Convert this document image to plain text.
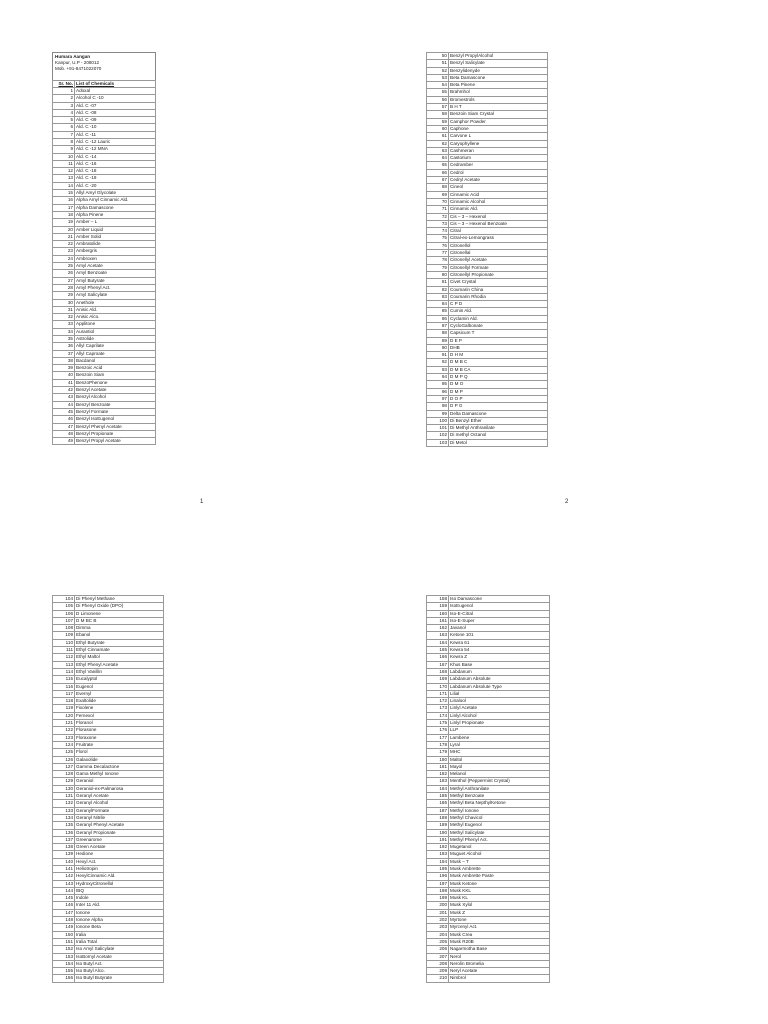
Humara Aangan
Kanpur, U.P - 208012
Mob. +91-8471022070
Sr. No.	List of Chemicals
1	Adoxal
2	Alcohol C -10
3	Ald. C -07
4	Ald. C -08
5	Ald. C -09
6	Ald. C -10
7	Ald. C -11
8	Ald. C -12 Lauric
9	Ald. C -12 MNA
10	Ald. C -14
11	Ald. C -16
12	Ald. C -18
13	Ald. C -19
14	Ald. C -20
15	Allyl Amyl Glycolate
16	Alpha Amyl Cinnamic Ald.
17	Alpha Damascone
18	Alpha Pinene
19	Amber – L
20	Amber Liquid
21	Amber Solid
22	Ambratolide
23	Ambergris
24	Ambroxen
25	Amyl Acetate
26	Amyl Benzoate
27	Amyl Butyrate
28	Amyl Phenyl Act.
29	Amyl Salicylate
30	Anethole
31	Anisic Ald.
32	Anisic Alco.
33	Applitone
34	Aurantiol
35	Astrolide
36	Allyl Caprilate
37	Allyl Caproate
38	Bacdanol
39	Benzoic Acid
40	Benzoin Siam
41	BenzoPhenone
42	Benzyl Acetate
43	Benzyl Alcohol
44	Benzyl Benzoate
45	Benzyl Formate
46	Benzyl IsoEugenol
47	Benzyl Phenyl Acetate
48	Benzyl Propionate
49	Benzyl Propyl Acetate
1
50	Benzyl PropylAlcohol
51	Benzyl Salicylate
52	Benzylidenyde
53	Beta Damascone
54	Beta Pinene
55	Brahmhol
56	Bromestrols
57	B H T
58	Benzoin Siam Crystal
59	Camphor Powder
60	Caphone
61	Carvone L
62	Caryophyllene
63	Cashmeran
64	Castorium
65	Cedramber
66	Cedrol
67	Cedryl Acetate
68	Cineol
69	Cinnamic Acid
70	Cinnamic Alcohol
71	Cinnamic Ald.
72	Cis – 3 – Hexenol
73	Cis – 3 – Hexenol Benzoate
74	Citral
75	Citral-ex-Lemongrass
76	Citronellol
77	Citronellal
78	Citronellyl Acetate
79	Citronellyl Formate
80	Citronellyl Propionate
81	Civet Crystal
82	Coumarin China
83	Coumarin Rhodia
84	C P D
85	Cumin Ald.
86	Cyclamin Ald.
87	CycloGalbonate
88	Capsicum T
89	D E P
90	DHB
91	D H M
92	D M B C
93	D M B CA
94	D M P Q
95	D M O
96	D M P
97	D O P
98	D P G
99	Delta Damascone
100	Di Benzyl Ether
101	Di Methyl Anthranilate
102	Di methyl Octanol
103	Di Metol
2
104	Di Phenyl Methane
105	Di Phenyl Oxide (DPO)
106	D Limonene
107	D M BC B
108	Dimma
109	Ebanol
110	Ethyl Butyrate
111	Ethyl Cinnamate
112	Ethyl Maltol
113	Ethyl Phenyl Acetate
114	Ethyl Vanillin
115	Eucalyptol
116	Eugenol
117	Evernyl
118	Exaltolide
119	Fixolene
120	Fernexol
121	Floranol
122	Florasone
123	Floraxone
124	Fruitrate
125	Florol
126	Galaxolide
127	Gamma Decalactone
128	Gama Methyl Ionone
129	Geraniol
130	Geraniol-ex-Palmarosa
131	Geranyl Acetate
132	Geranyl Alcohol
133	GeranylFormate
134	Geranyl Nitrile
135	Geranyl Phenyl Acetate
136	Geranyl Propionate
137	Greenarome
138	Green Acetate
139	Hedione
140	Hexyl Act.
141	Heliotropin
142	HexylCinnamic Ald.
143	HydroxyCitronellol
144	IBQ
145	Indole
146	Inter 11 Ald.
147	Ionone
148	Ionone Alpha
149	Ionone Beta
150	Iralia
151	Iralia Total
152	Iso Amyl Salicylate
153	IsoBornyl Acetate
154	Iso Butyl Act.
155	Iso Butyl Alco.
156	Iso Butyl Butyrate
158	Iso Damascone
159	IsoEugenol
160	Iso-E-Citral
161	Iso-E-Super
162	Javanol
163	Ketone 101
164	Kewra 61
165	Kewra 54
166	Kewra Z
167	Khus Base
168	Labdanum
169	Labdanum Absolute
170	Labdanum Absolute Type
171	Lilial
172	Linalool
173	Linlyl Acetate
174	Linlyl Alcohol
175	Linlyl Propionate
176	LLP
177	Lambene
178	Lyral
179	MHC
180	Maltol
181	Mayol
182	Melanol
183	Menthol (Peppermint Crystal)
184	Methyl Anthranilate
185	Methyl Benzoate
186	Methyl Beta NepthylKetone
187	Methyl Ionone
188	Methyl Chavicol
189	Methyl Eugenol
190	Methyl Salicylate
191	Methyl Phenyl Act.
192	Mugetanol
193	Muguet Alcohol
194	Musk – T
195	Musk Ambrette
196	Musk Ambrette Paste
197	Musk Ketone
198	Musk KKL
199	Musk KL
200	Musk Xylol
201	Musk Z
202	Myrtone
203	Myrcenyl Act.
204	Musk Crea
205	Musk R20B
206	Nagarmotha Base
207	Nerol
208	Nerolin Bromelia
209	Neryl Acetate
210	Nimbrol
